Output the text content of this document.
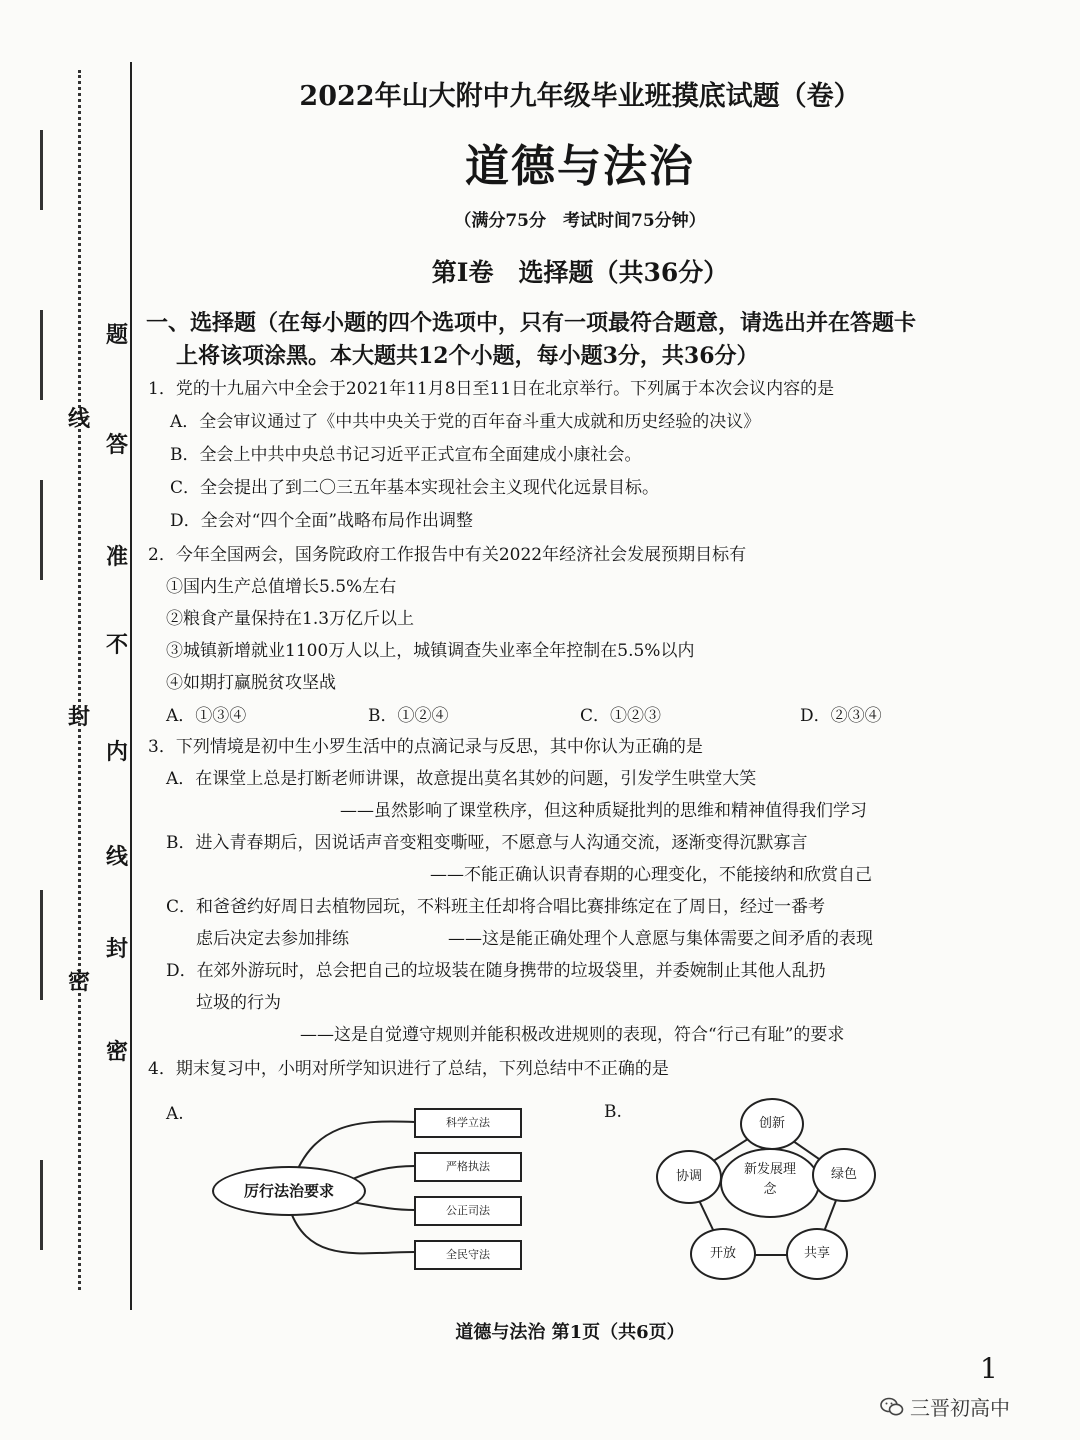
线
封
密
题
答
准
不
内
线
封
密
2022年山大附中九年级毕业班摸底试题（卷）
道德与法治
（满分75分　考试时间75分钟）
第Ⅰ卷　选择题（共36分）
一、选择题（在每小题的四个选项中，只有一项最符合题意，请选出并在答题卡
上将该项涂黑。本大题共12个小题，每小题3分，共36分）
1．党的十九届六中全会于2021年11月8日至11日在北京举行。下列属于本次会议内容的是
A．全会审议通过了《中共中央关于党的百年奋斗重大成就和历史经验的决议》
B．全会上中共中央总书记习近平正式宣布全面建成小康社会。
C．全会提出了到二〇三五年基本实现社会主义现代化远景目标。
D．全会对“四个全面”战略布局作出调整
2．今年全国两会，国务院政府工作报告中有关2022年经济社会发展预期目标有
①国内生产总值增长5.5%左右
②粮食产量保持在1.3万亿斤以上
③城镇新增就业1100万人以上，城镇调查失业率全年控制在5.5%以内
④如期打赢脱贫攻坚战
A．①③④	B．①②④	C．①②③	D．②③④
3．下列情境是初中生小罗生活中的点滴记录与反思，其中你认为正确的是
A．在课堂上总是打断老师讲课，故意提出莫名其妙的问题，引发学生哄堂大笑
——虽然影响了课堂秩序，但这种质疑批判的思维和精神值得我们学习
B．进入青春期后，因说话声音变粗变嘶哑，不愿意与人沟通交流，逐渐变得沉默寡言
——不能正确认识青春期的心理变化，不能接纳和欣赏自己
C．和爸爸约好周日去植物园玩，不料班主任却将合唱比赛排练定在了周日，经过一番考
虑后决定去参加排练	——这是能正确处理个人意愿与集体需要之间矛盾的表现
D．在郊外游玩时，总会把自己的垃圾装在随身携带的垃圾袋里，并委婉制止其他人乱扔
垃圾的行为
——这是自觉遵守规则并能积极改进规则的表现，符合“行己有耻”的要求
4．期末复习中，小明对所学知识进行了总结，下列总结中不正确的是
A.
厉行法治要求
科学立法
严格执法
公正司法
全民守法
B.
新发展理念
创新
绿色
共享
开放
协调
道德与法治 第1页（共6页）
1
三晋初高中
